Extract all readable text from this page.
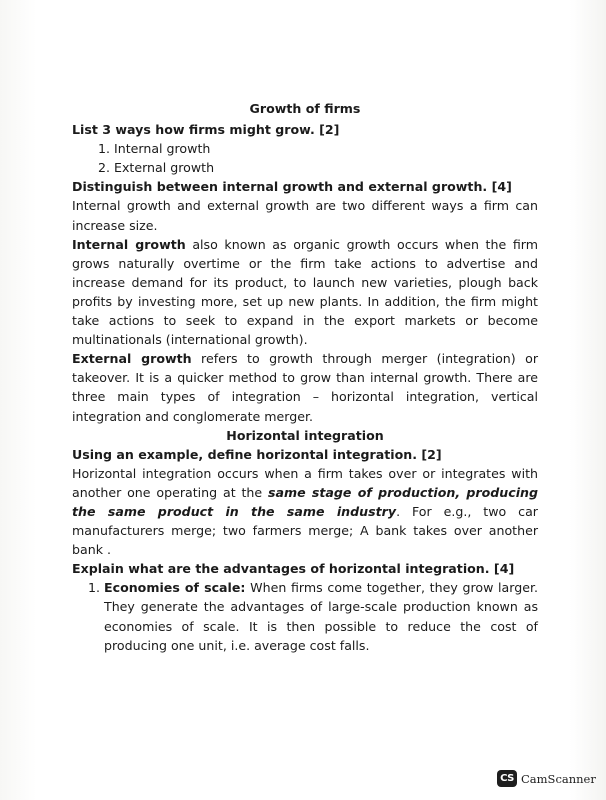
Growth of firms

List 3 ways how firms might grow. [2]

1. Internal growth
2. External growth

Distinguish between internal growth and external growth. [4]

Internal growth and external growth are two different ways a firm can increase size.

Internal growth also known as organic growth occurs when the firm grows naturally overtime or the firm take actions to advertise and increase demand for its product, to launch new varieties, plough back profits by investing more, set up new plants. In addition, the firm might take actions to seek to expand in the export markets or become multinationals (international growth).

External growth refers to growth through merger (integration) or takeover. It is a quicker method to grow than internal growth. There are three main types of integration – horizontal integration, vertical integration and conglomerate merger.

Horizontal integration

Using an example, define horizontal integration. [2]

Horizontal integration occurs when a firm takes over or integrates with another one operating at the same stage of production, producing the same product in the same industry. For e.g., two car manufacturers merge; two farmers merge; A bank takes over another bank .

Explain what are the advantages of horizontal integration. [4]

1. Economies of scale: When firms come together, they grow larger. They generate the advantages of large-scale production known as economies of scale. It is then possible to reduce the cost of producing one unit, i.e. average cost falls.
CS CamScanner
